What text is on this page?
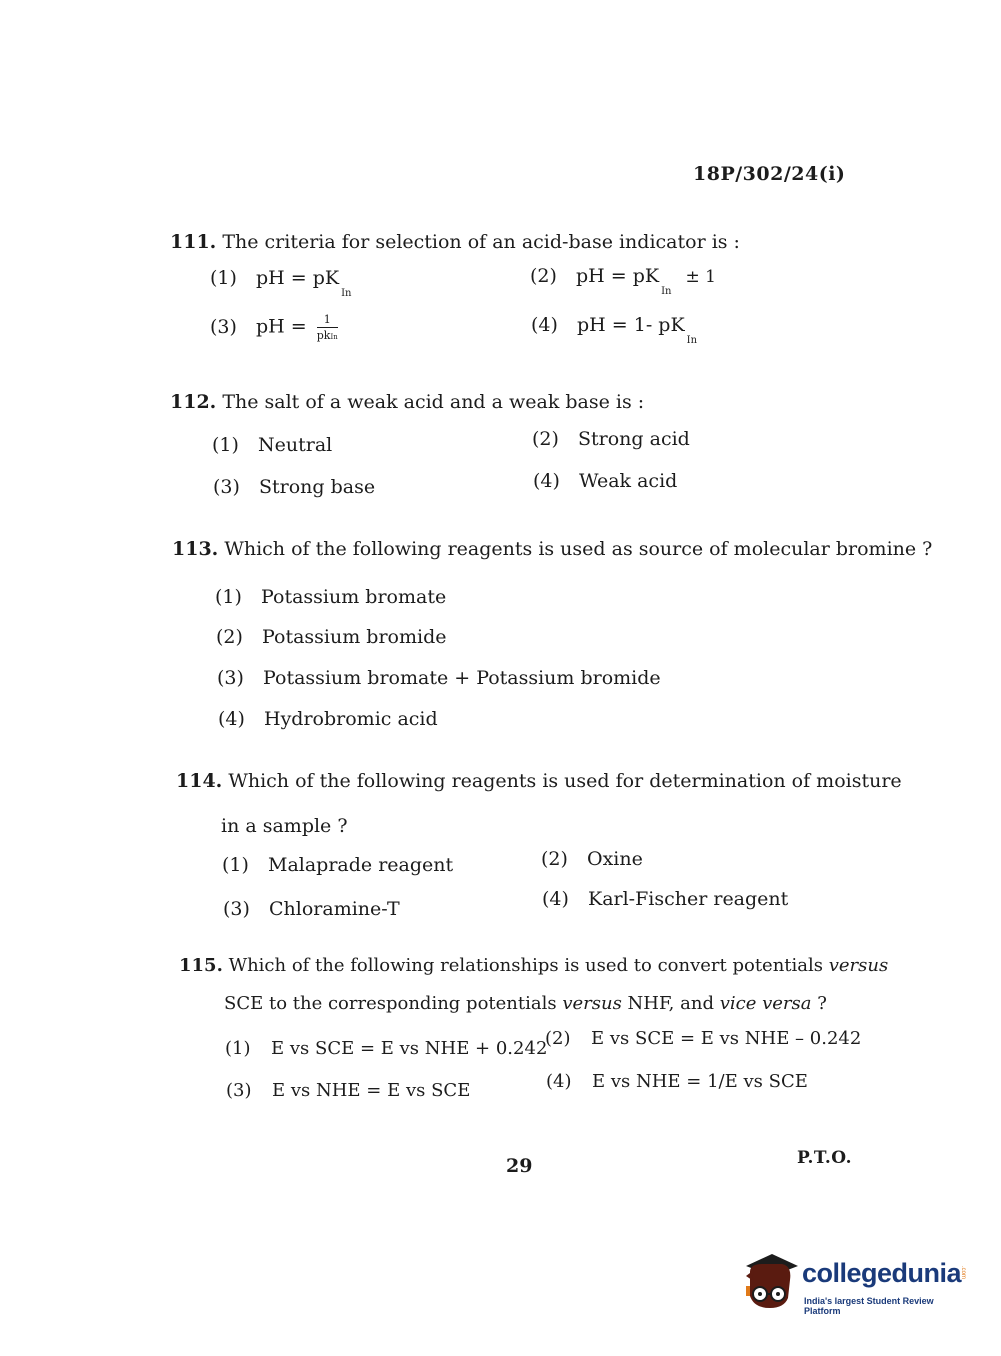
18P/302/24(i)
111. The criteria for selection of an acid-base indicator is :
(1) pH = $pK_{In}$
(2) pH = $pK_{In} \pm 1$
(3) pH = $\frac{1}{\text{pkIn}}$	(4) pH = 1- $pK_{In}$
112. The salt of a weak acid and a weak base is :
(1) Neutral	(2) Strong acid
(3) Strong base	(4) Weak acid
113. Which of the following reagents is used as source of molecular bromine ?
(1) Potassium bromate
(2) Potassium bromide
(3) Potassium bromate + Potassium bromide
(4) Hydrobromic acid
114. Which of the following reagents is used for determination of moisture
in a sample ?
(1) Malaprade reagent	(2) Oxine
(3) Chloramine-T	(4) Karl-Fischer reagent
115. Which of the following relationships is used to convert potentials versus
SCE to the corresponding potentials versus NHF, and vice versa ?
(1) E vs SCE = E vs NHE + 0.242
(2) E vs SCE = E vs NHE – 0.242
(3) E vs NHE = E vs SCE	(4) E vs NHE = 1/E vs SCE
29	P.T.O.
collegedunia
.com
India's largest Student Review Platform
